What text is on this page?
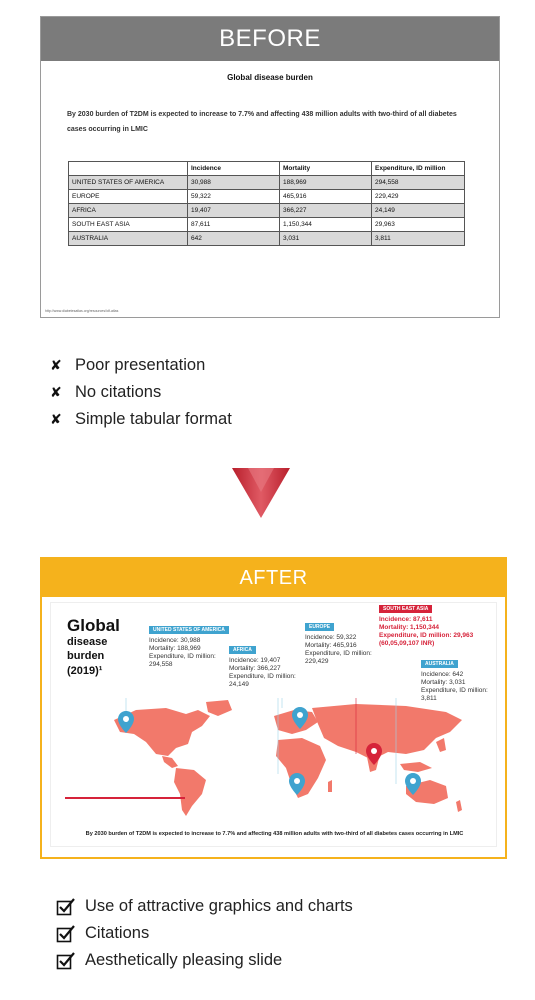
BEFORE
Global disease burden
By 2030 burden of T2DM is expected to increase to 7.7% and affecting 438 million adults with two-third of all diabetes cases occurring in LMIC
	Incidence	Mortality	Expenditure, ID million
UNITED STATES OF AMERICA	30,988	188,969	294,558
EUROPE	59,322	465,916	229,429
AFRICA	19,407	366,227	24,149
SOUTH EAST ASIA	87,611	1,150,344	29,963
AUSTRALIA	642	3,031	3,811
http://www.diabetesatlas.org/resources/idf-atlas
✘ Poor presentation
✘ No citations
✘ Simple tabular format
AFTER
Global
disease
burden
(2019)¹
UNITED STATES OF AMERICA
Incidence: 30,988
Mortality: 188,969
Expenditure, ID million:
294,558
AFRICA
Incidence: 19,407
Mortality: 366,227
Expenditure, ID million:
24,149
EUROPE
Incidence: 59,322
Mortality: 465,916
Expenditure, ID million:
229,429
SOUTH EAST ASIA
Incidence: 87,611
Mortality: 1,150,344
Expenditure, ID million: 29,963
(60,05,09,107 INR)
AUSTRALIA
Incidence: 642
Mortality: 3,031
Expenditure, ID million:
3,811
By 2030 burden of T2DM is expected to increase to 7.7% and affecting 438 million adults with two-third of all diabetes cases occurring in LMIC
Use of attractive graphics and charts
Citations
Aesthetically pleasing slide
